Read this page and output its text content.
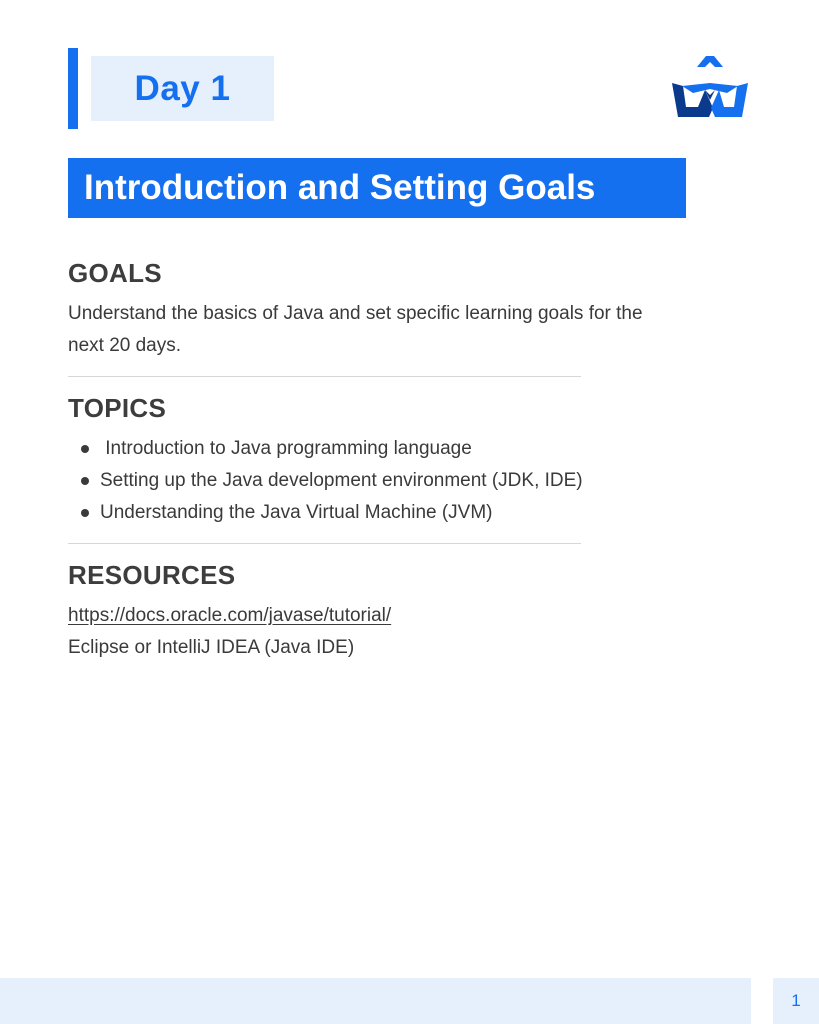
Day 1
Introduction and Setting Goals
GOALS
Understand the basics of Java and set specific learning goals for the
next 20 days.
TOPICS
Introduction to Java programming language
Setting up the Java development environment (JDK, IDE)
Understanding the Java Virtual Machine (JVM)
RESOURCES
https://docs.oracle.com/javase/tutorial/
Eclipse or IntelliJ IDEA (Java IDE)
1
